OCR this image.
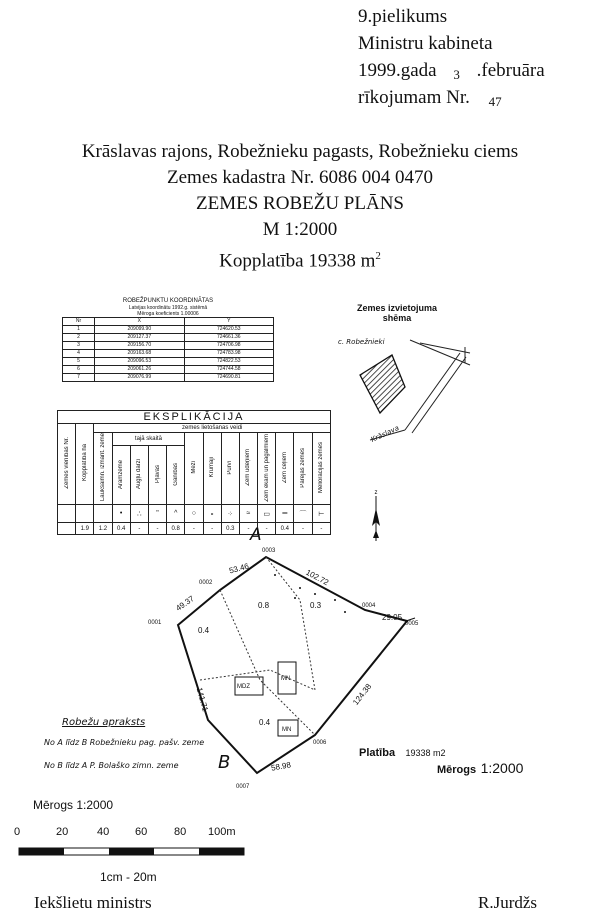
9.pielikums
Ministru kabineta
1999.gada 3 .februāra
rīkojumam Nr. 47
Krāslavas rajons, Robežnieku pagasts, Robežnieku ciems
Zemes kadastra Nr. 6086 004 0470
ZEMES ROBEŽU PLĀNS
M 1:2000
Kopplatība 19338 $m^2$
ROBEŽPUNKTU KOORDINĀTAS
Latvijas koordinātu 1992.g. sistēmā
Mēroga koeficients 1.00006
Nr	X	Y
1	209099.90	724620.53
2	209127.37	724661.36
3	209156.70	724706.98
4	209163.68	724783.98
5	209096.53	724822.53
6	209061.26	724744.58
7	209076.99	724690.81
EKSPLIKĀCIJA
Zemes vienības Nr.	Kopplatība ha	zemes lietošanas veidi												
		Lauksaimn. izmant. zeme	tajā skaitā				Meži	Krūmāji	Purvi	Zem ūdeņiem	Zem ēkām un pagalmiem	Zem ceļiem	Pārējās zemes	Meliorācijas zemes
			Aramzeme	Augļu dārzi	Pļavas	Ganības								
			•	∴	"	^	○	∘	⁘	≈	▭	═	⌒	⊢
	1.9	1.2	0.4	-	-	0.8	-	-	0.3	-	-	0.4	-	-
Zemes izvietojuma
shēma
c. Robežnieki
Krāslava
z
A
B
0001
0002
0003
0004
0005
0006
0007
53.46	102.72
29.05
124.38
58.98
141.71
49.37	0.8	0.3
0.4
0.4
MDZ
MN
MN
Robežu apraksts
No A līdz B Robežnieku pag. pašv. zeme
No B līdz A P. Bolaško zimn. zeme
Platība 19338 m2
Mērogs 1:2000
Mērogs 1:2000
0	20	40 60 80 100m
1cm - 20m
Iekšlietu ministrs	R.Jurdžs
